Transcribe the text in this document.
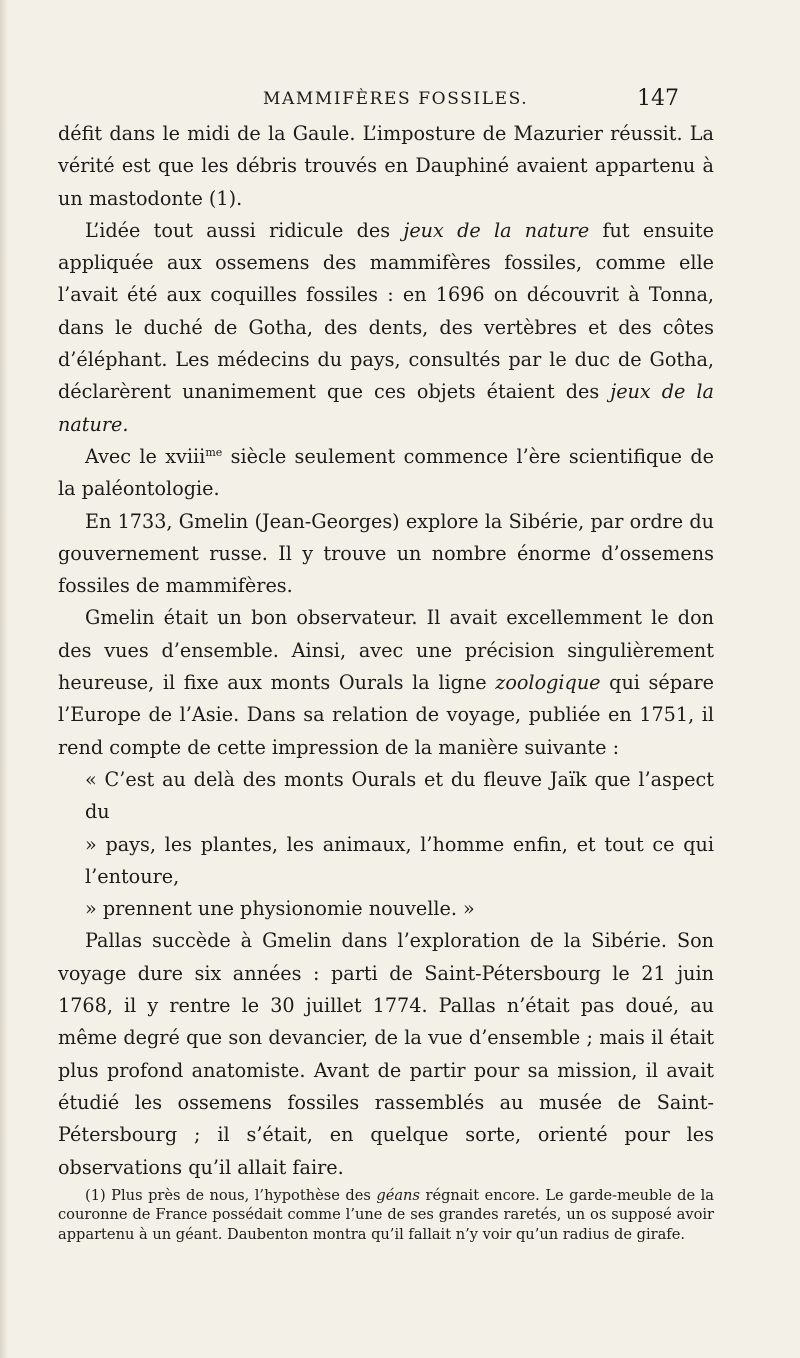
MAMMIFÈRES FOSSILES.	147

défit dans le midi de la Gaule. L’imposture de Mazurier réussit. La vérité est que les débris trouvés en Dauphiné avaient appartenu à un mastodonte (1).

L’idée tout aussi ridicule des jeux de la nature fut ensuite appliquée aux ossemens des mammifères fossiles, comme elle l’avait été aux coquilles fossiles : en 1696 on découvrit à Tonna, dans le duché de Gotha, des dents, des vertèbres et des côtes d’éléphant. Les médecins du pays, consultés par le duc de Gotha, déclarèrent unanimement que ces objets étaient des jeux de la nature.

Avec le xviii$^{me}$ siècle seulement commence l’ère scientifique de la paléontologie.

En 1733, Gmelin (Jean-Georges) explore la Sibérie, par ordre du gouvernement russe. Il y trouve un nombre énorme d’ossemens fossiles de mammifères.

Gmelin était un bon observateur. Il avait excellemment le don des vues d’ensemble. Ainsi, avec une précision singulièrement heureuse, il fixe aux monts Ourals la ligne zoologique qui sépare l’Europe de l’Asie. Dans sa relation de voyage, publiée en 1751, il rend compte de cette impression de la manière suivante :

« C’est au delà des monts Ourals et du fleuve Jaïk que l’aspect du

» pays, les plantes, les animaux, l’homme enfin, et tout ce qui l’entoure,

» prennent une physionomie nouvelle. »

Pallas succède à Gmelin dans l’exploration de la Sibérie. Son voyage dure six années : parti de Saint-Pétersbourg le 21 juin 1768, il y rentre le 30 juillet 1774. Pallas n’était pas doué, au même degré que son devancier, de la vue d’ensemble ; mais il était plus profond anatomiste. Avant de partir pour sa mission, il avait étudié les ossemens fossiles rassemblés au musée de Saint-Pétersbourg ; il s’était, en quelque sorte, orienté pour les observations qu’il allait faire.

(1) Plus près de nous, l’hypothèse des géans régnait encore. Le garde-meuble de la couronne de France possédait comme l’une de ses grandes raretés, un os supposé avoir appartenu à un géant. Daubenton montra qu’il fallait n’y voir qu’un radius de girafe.
